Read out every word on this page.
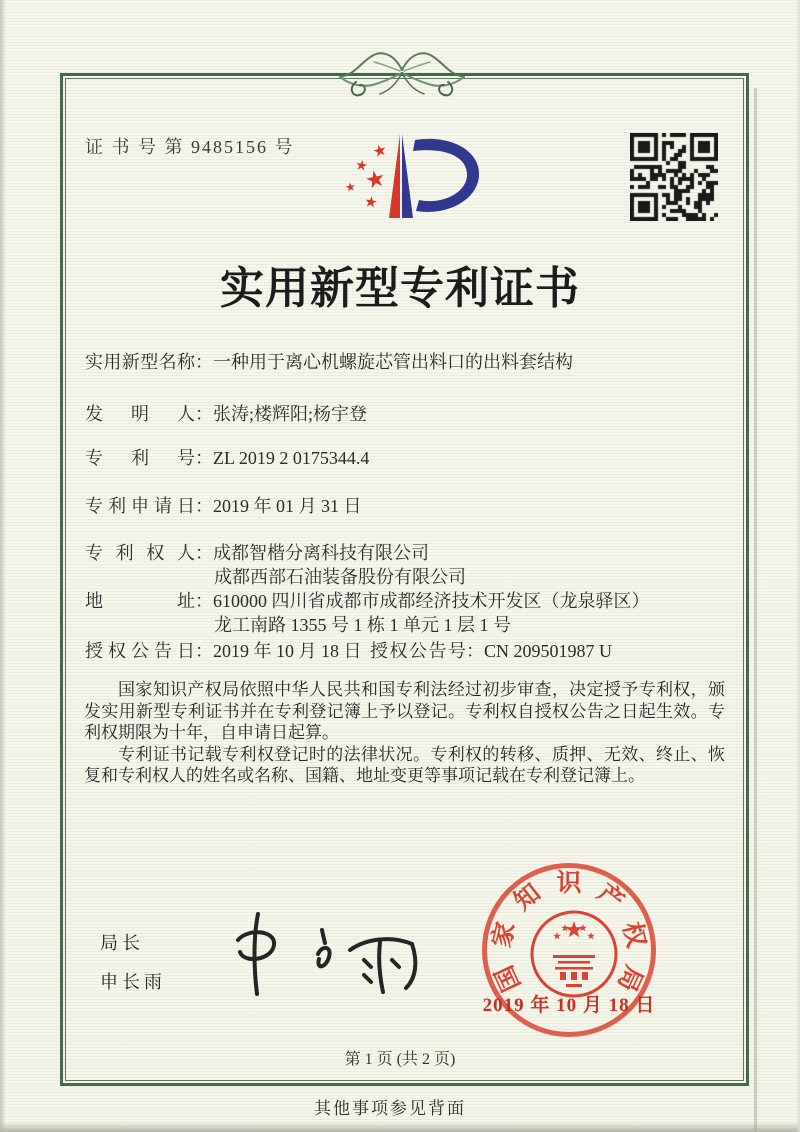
证 书 号 第 9485156 号	★
★
★ ★
★
实用新型专利证书
实用新型名称：一种用于离心机螺旋芯管出料口的出料套结构
发明人：张涛;楼辉阳;杨宇登
专利号：ZL 2019 2 0175344.4
专利申请日：2019 年 01 月 31 日
专利权人：成都智楷分离科技有限公司
成都西部石油装备股份有限公司
地址：610000 四川省成都市成都经济技术开发区（龙泉驿区）
龙工南路 1355 号 1 栋 1 单元 1 层 1 号
授权公告日：2019 年 10 月 18 日 授权公告号：CN 209501987 U

国家知识产权局依照中华人民共和国专利法经过初步审查，决定授予专利权，颁发实用新型专利证书并在专利登记簿上予以登记。专利权自授权公告之日起生效。专利权期限为十年，自申请日起算。

专利证书记载专利权登记时的法律状况。专利权的转移、质押、无效、终止、恢复和专利权人的姓名或名称、国籍、地址变更等事项记载在专利登记簿上。

局长
申长雨	国
家
知 识 产
权
局
2019 年 10 月 18 日
第 1 页 (共 2 页)
其他事项参见背面
